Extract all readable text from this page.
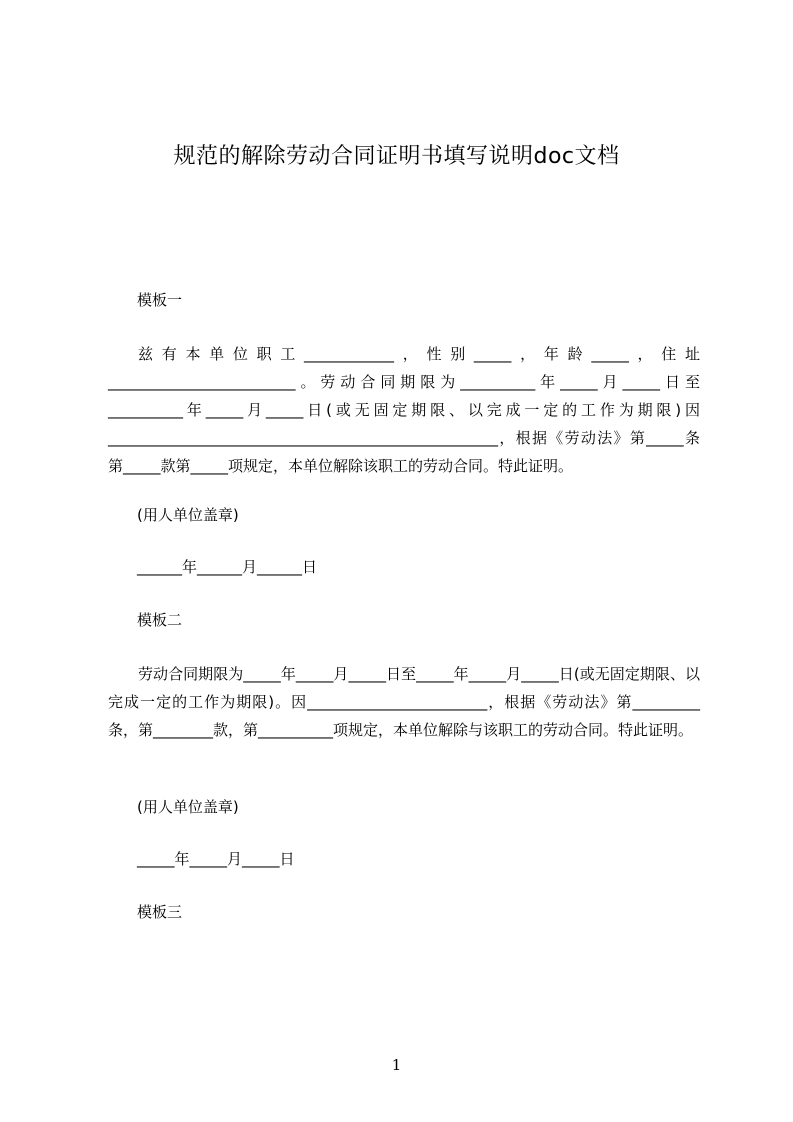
规范的解除劳动合同证明书填写说明doc文档
模板一
兹有本单位职工____________，性别_____，年龄_____，住址_________________________。劳动合同期限为__________年_____月_____日至__________年_____月_____日(或无固定期限、以完成一定的工作为期限)因____________________________________________________，根据《劳动法》第_____条第_____款第_____项规定，本单位解除该职工的劳动合同。特此证明。
(用人单位盖章)
______年______月______日
模板二
劳动合同期限为_____年_____月_____日至_____年_____月_____日(或无固定期限、以完成一定的工作为期限)。因________________________，根据《劳动法》第_________条，第________款，第__________项规定，本单位解除与该职工的劳动合同。特此证明。
(用人单位盖章)
_____年_____月_____日
模板三
1
